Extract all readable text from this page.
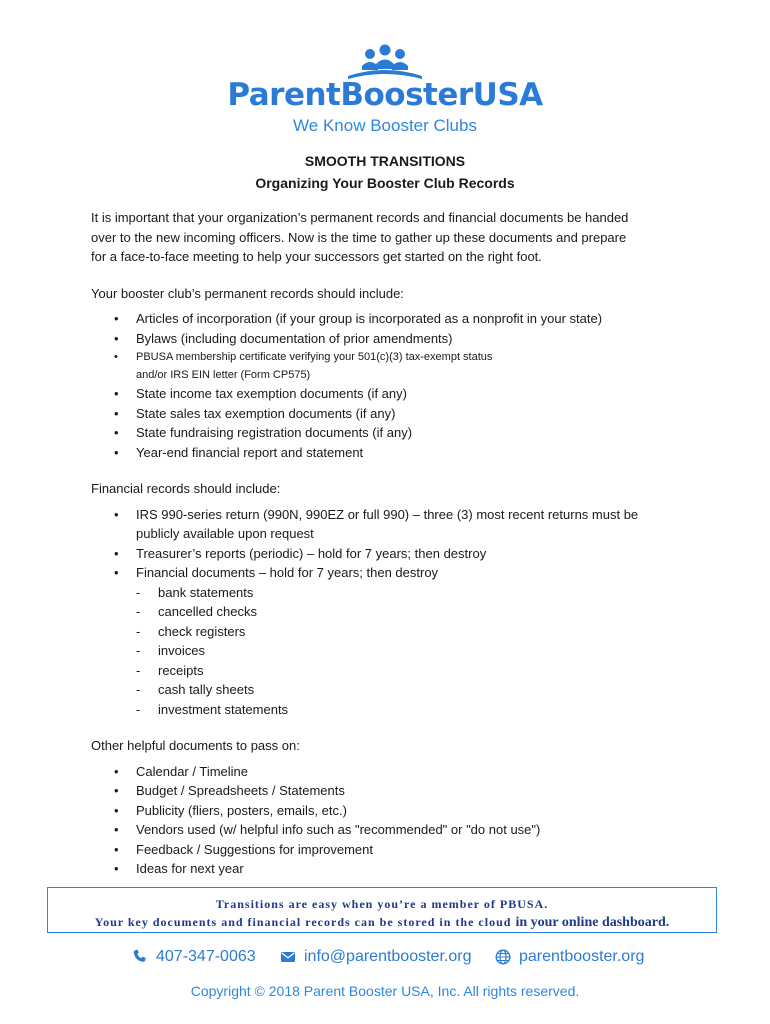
ParentBoosterUSA
We Know Booster Clubs
SMOOTH TRANSITIONS
Organizing Your Booster Club Records

It is important that your organization’s permanent records and financial documents be handed

over to the new incoming officers. Now is the time to gather up these documents and prepare

for a face-to-face meeting to help your successors get started on the right foot.

Your booster club’s permanent records should include:

• Articles of incorporation (if your group is incorporated as a nonprofit in your state)
• Bylaws (including documentation of prior amendments)
• PBUSA membership certificate verifying your 501(c)(3) tax-exempt status
and/or IRS EIN letter (Form CP575)
• State income tax exemption documents (if any)
• State sales tax exemption documents (if any)
• State fundraising registration documents (if any)
• Year-end financial report and statement

Financial records should include:

• IRS 990-series return (990N, 990EZ or full 990) – three (3) most recent returns must be
publicly available upon request
• Treasurer’s reports (periodic) – hold for 7 years; then destroy
• Financial documents – hold for 7 years; then destroy
- bank statements
- cancelled checks
- check registers
- invoices
- receipts
- cash tally sheets
- investment statements

Other helpful documents to pass on:

• Calendar / Timeline
• Budget / Spreadsheets / Statements
• Publicity (fliers, posters, emails, etc.)
• Vendors used (w/ helpful info such as "recommended" or "do not use")
• Feedback / Suggestions for improvement
• Ideas for next year
Transitions are easy when you’re a member of PBUSA.
Your key documents and financial records can be stored in the cloud in your online dashboard.
407-347-0063	info@parentbooster.org	parentbooster.org
Copyright © 2018 Parent Booster USA, Inc. All rights reserved.
